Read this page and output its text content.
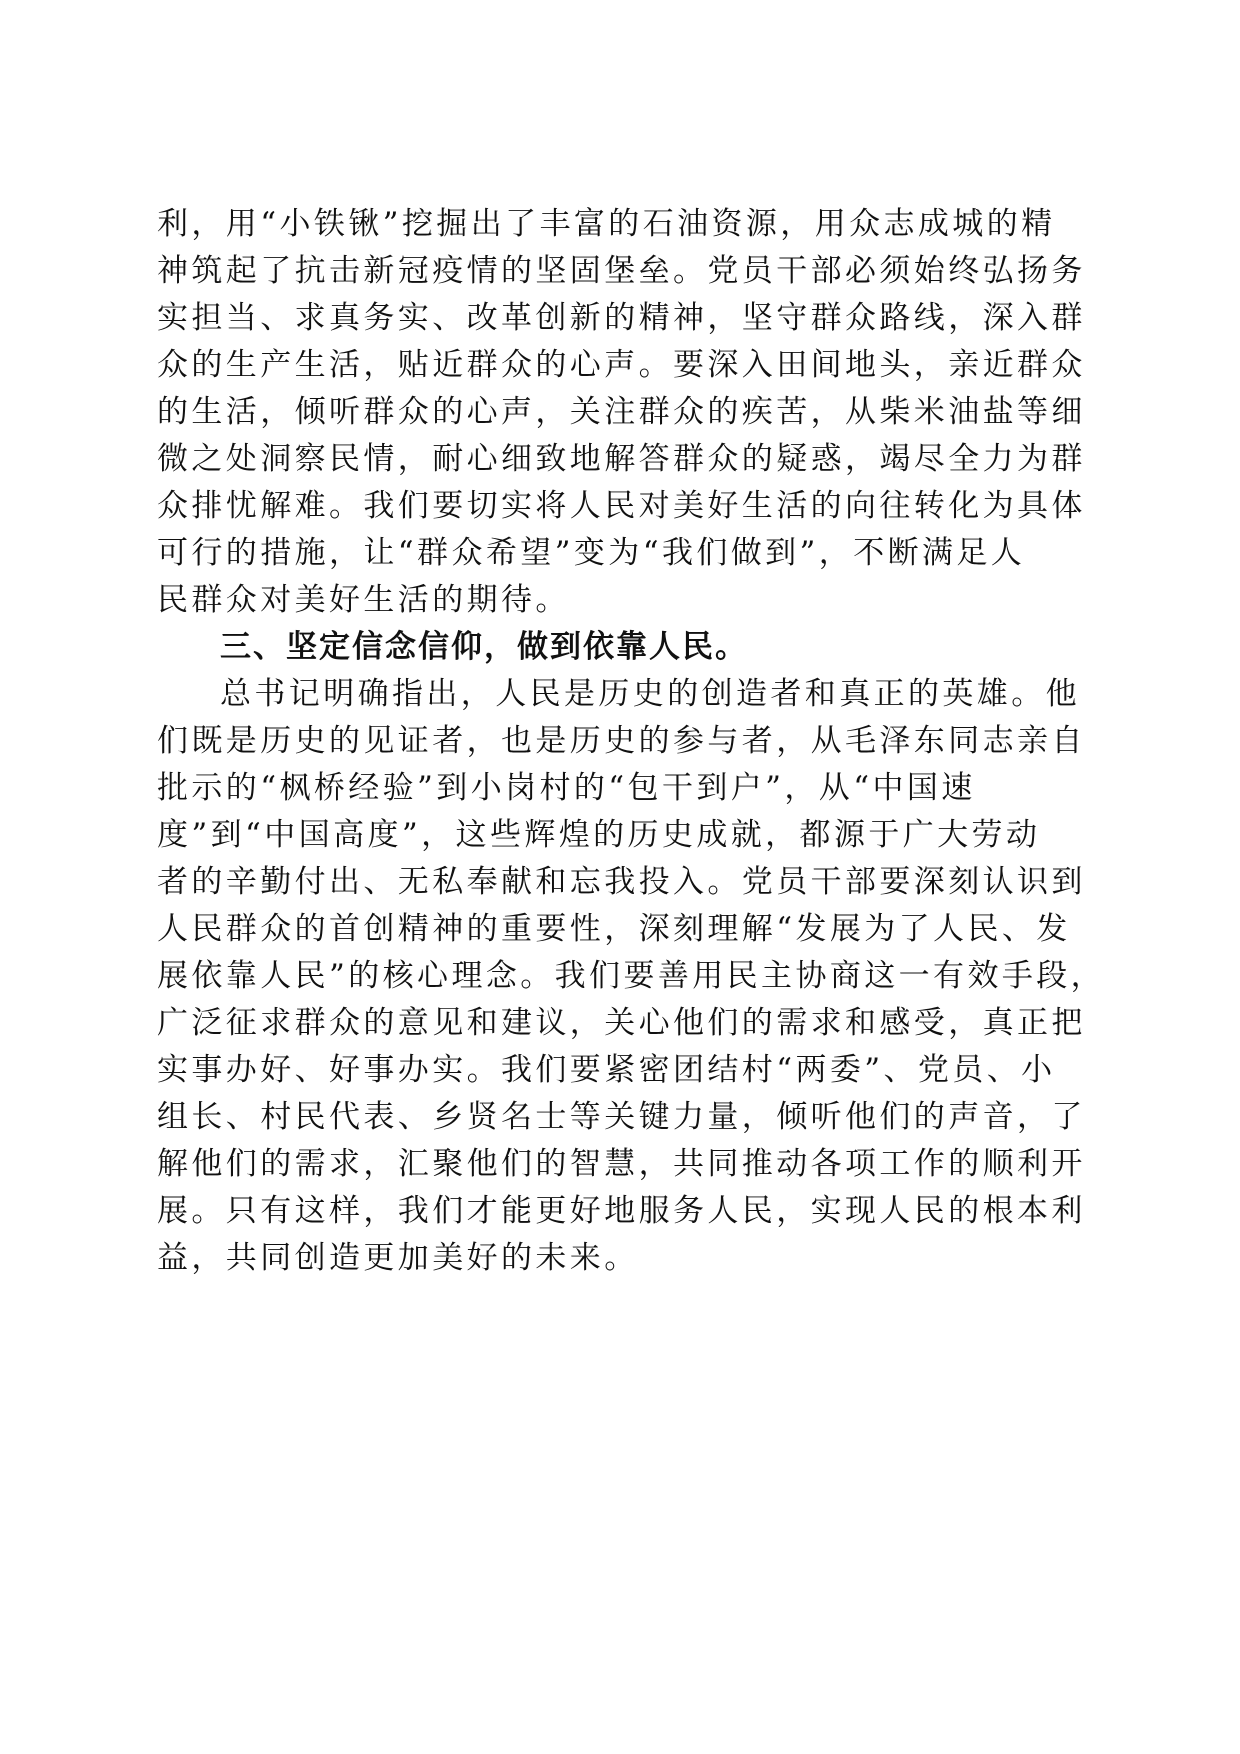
利，用“小铁锹”挖掘出了丰富的石油资源，用众志成城的精
神筑起了抗击新冠疫情的坚固堡垒。党员干部必须始终弘扬务
实担当、求真务实、改革创新的精神，坚守群众路线，深入群
众的生产生活，贴近群众的心声。要深入田间地头，亲近群众
的生活，倾听群众的心声，关注群众的疾苦，从柴米油盐等细
微之处洞察民情，耐心细致地解答群众的疑惑，竭尽全力为群
众排忧解难。我们要切实将人民对美好生活的向往转化为具体
可行的措施，让“群众希望”变为“我们做到”，不断满足人
民群众对美好生活的期待。
三、坚定信念信仰，做到依靠人民。
总书记明确指出，人民是历史的创造者和真正的英雄。他
们既是历史的见证者，也是历史的参与者，从毛泽东同志亲自
批示的“枫桥经验”到小岗村的“包干到户”，从“中国速
度”到“中国高度”，这些辉煌的历史成就，都源于广大劳动
者的辛勤付出、无私奉献和忘我投入。党员干部要深刻认识到
人民群众的首创精神的重要性，深刻理解“发展为了人民、发
展依靠人民”的核心理念。我们要善用民主协商这一有效手段，
广泛征求群众的意见和建议，关心他们的需求和感受，真正把
实事办好、好事办实。我们要紧密团结村“两委”、党员、小
组长、村民代表、乡贤名士等关键力量，倾听他们的声音，了
解他们的需求，汇聚他们的智慧，共同推动各项工作的顺利开
展。只有这样，我们才能更好地服务人民，实现人民的根本利
益，共同创造更加美好的未来。
